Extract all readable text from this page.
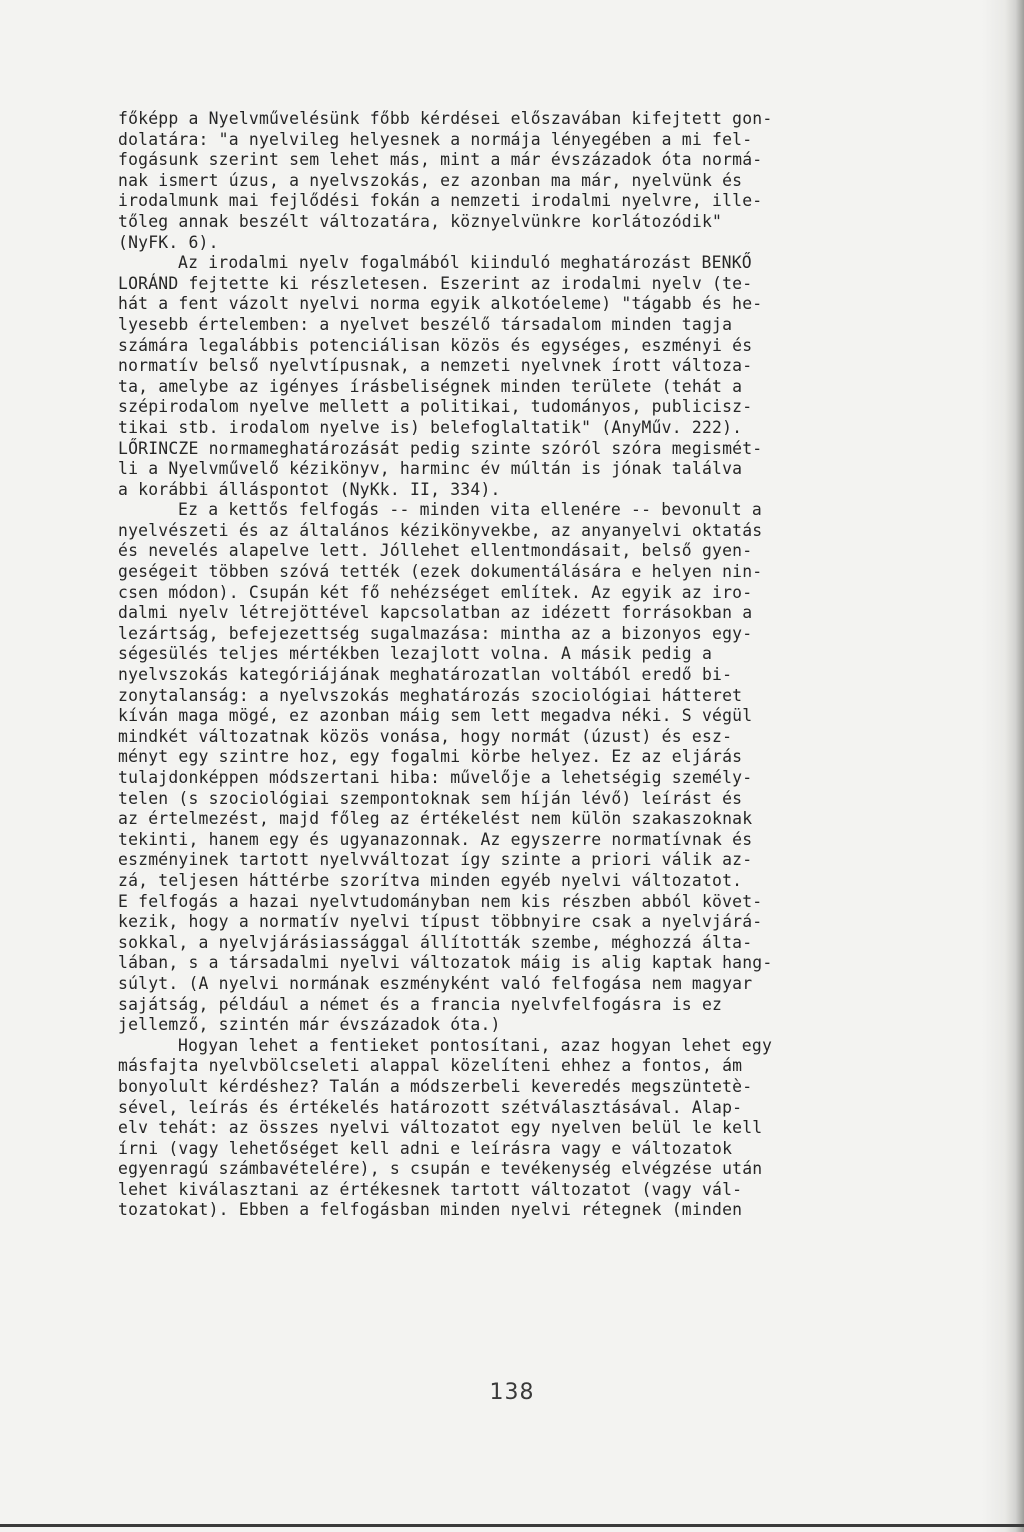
főképp a Nyelvművelésünk főbb kérdései előszavában kifejtett gon-
dolatára: "a nyelvileg helyesnek a normája lényegében a mi fel-
fogásunk szerint sem lehet más, mint a már évszázadok óta normá-
nak ismert úzus, a nyelvszokás, ez azonban ma már, nyelvünk és
irodalmunk mai fejlődési fokán a nemzeti irodalmi nyelvre, ille-
tőleg annak beszélt változatára, köznyelvünkre korlátozódik"
(NyFK. 6).
Az irodalmi nyelv fogalmából kiinduló meghatározást BENKŐ
LORÁND fejtette ki részletesen. Eszerint az irodalmi nyelv (te-
hát a fent vázolt nyelvi norma egyik alkotóeleme) "tágabb és he-
lyesebb értelemben: a nyelvet beszélő társadalom minden tagja
számára legalábbis potenciálisan közös és egységes, eszményi és
normatív belső nyelvtípusnak, a nemzeti nyelvnek írott változa-
ta, amelybe az igényes írásbeliségnek minden területe (tehát a
szépirodalom nyelve mellett a politikai, tudományos, publicisz-
tikai stb. irodalom nyelve is) belefoglaltatik" (AnyMűv. 222).
LŐRINCZE normameghatározását pedig szinte szóról szóra megismét-
li a Nyelvművelő kézikönyv, harminc év múltán is jónak találva
a korábbi álláspontot (NyKk. II, 334).
Ez a kettős felfogás -- minden vita ellenére -- bevonult a
nyelvészeti és az általános kézikönyvekbe, az anyanyelvi oktatás
és nevelés alapelve lett. Jóllehet ellentmondásait, belső gyen-
geségeit többen szóvá tették (ezek dokumentálására e helyen nin-
csen módon). Csupán két fő nehézséget említek. Az egyik az iro-
dalmi nyelv létrejöttével kapcsolatban az idézett forrásokban a
lezártság, befejezettség sugalmazása: mintha az a bizonyos egy-
ségesülés teljes mértékben lezajlott volna. A másik pedig a
nyelvszokás kategóriájának meghatározatlan voltából eredő bi-
zonytalanság: a nyelvszokás meghatározás szociológiai hátteret
kíván maga mögé, ez azonban máig sem lett megadva néki. S végül
mindkét változatnak közös vonása, hogy normát (úzust) és esz-
ményt egy szintre hoz, egy fogalmi körbe helyez. Ez az eljárás
tulajdonképpen módszertani hiba: művelője a lehetségig személy-
telen (s szociológiai szempontoknak sem híján lévő) leírást és
az értelmezést, majd főleg az értékelést nem külön szakaszoknak
tekinti, hanem egy és ugyanazonnak. Az egyszerre normatívnak és
eszményinek tartott nyelvváltozat így szinte a priori válik az-
zá, teljesen háttérbe szorítva minden egyéb nyelvi változatot.
E felfogás a hazai nyelvtudományban nem kis részben abból követ-
kezik, hogy a normatív nyelvi típust többnyire csak a nyelvjárá-
sokkal, a nyelvjárásiassággal állították szembe, méghozzá álta-
lában, s a társadalmi nyelvi változatok máig is alig kaptak hang-
súlyt. (A nyelvi normának eszményként való felfogása nem magyar
sajátság, például a német és a francia nyelvfelfogásra is ez
jellemző, szintén már évszázadok óta.)
Hogyan lehet a fentieket pontosítani, azaz hogyan lehet egy
másfajta nyelvbölcseleti alappal közelíteni ehhez a fontos, ám
bonyolult kérdéshez? Talán a módszerbeli keveredés megszüntetè-
sével, leírás és értékelés határozott szétválasztásával. Alap-
elv tehát: az összes nyelvi változatot egy nyelven belül le kell
írni (vagy lehetőséget kell adni e leírásra vagy e változatok
egyenragú számbavételére), s csupán e tevékenység elvégzése után
lehet kiválasztani az értékesnek tartott változatot (vagy vál-
tozatokat). Ebben a felfogásban minden nyelvi rétegnek (minden
138
